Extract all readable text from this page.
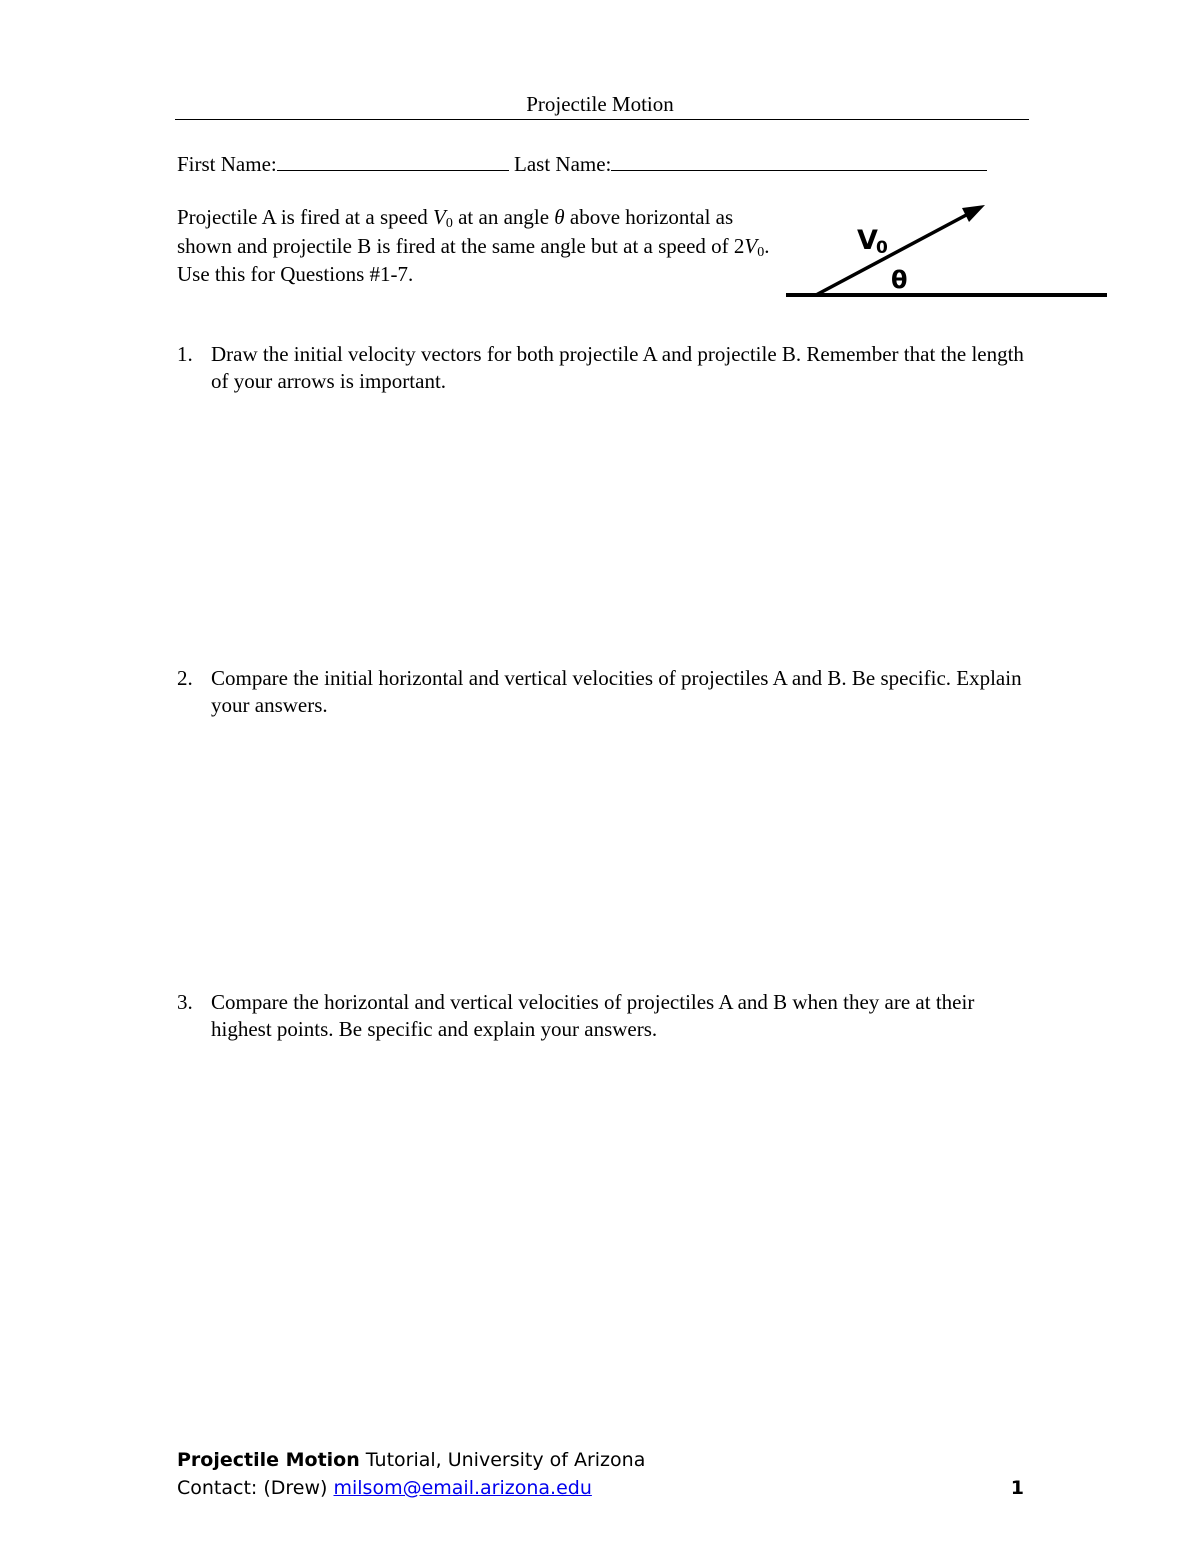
Projectile Motion
First Name:	Last Name:
Projectile A is fired at a speed $V_0$ at an angle θ above horizontal as shown and projectile B is fired at the same angle but at a speed of $2V_0$. Use this for Questions #1-7.
V
0
θ
1. Draw the initial velocity vectors for both projectile A and projectile B. Remember that the length of your arrows is important.
2. Compare the initial horizontal and vertical velocities of projectiles A and B. Be specific. Explain your answers.
3. Compare the horizontal and vertical velocities of projectiles A and B when they are at their highest points. Be specific and explain your answers.
Projectile Motion Tutorial, University of Arizona
Contact: (Drew) milsom@email.arizona.edu	1
